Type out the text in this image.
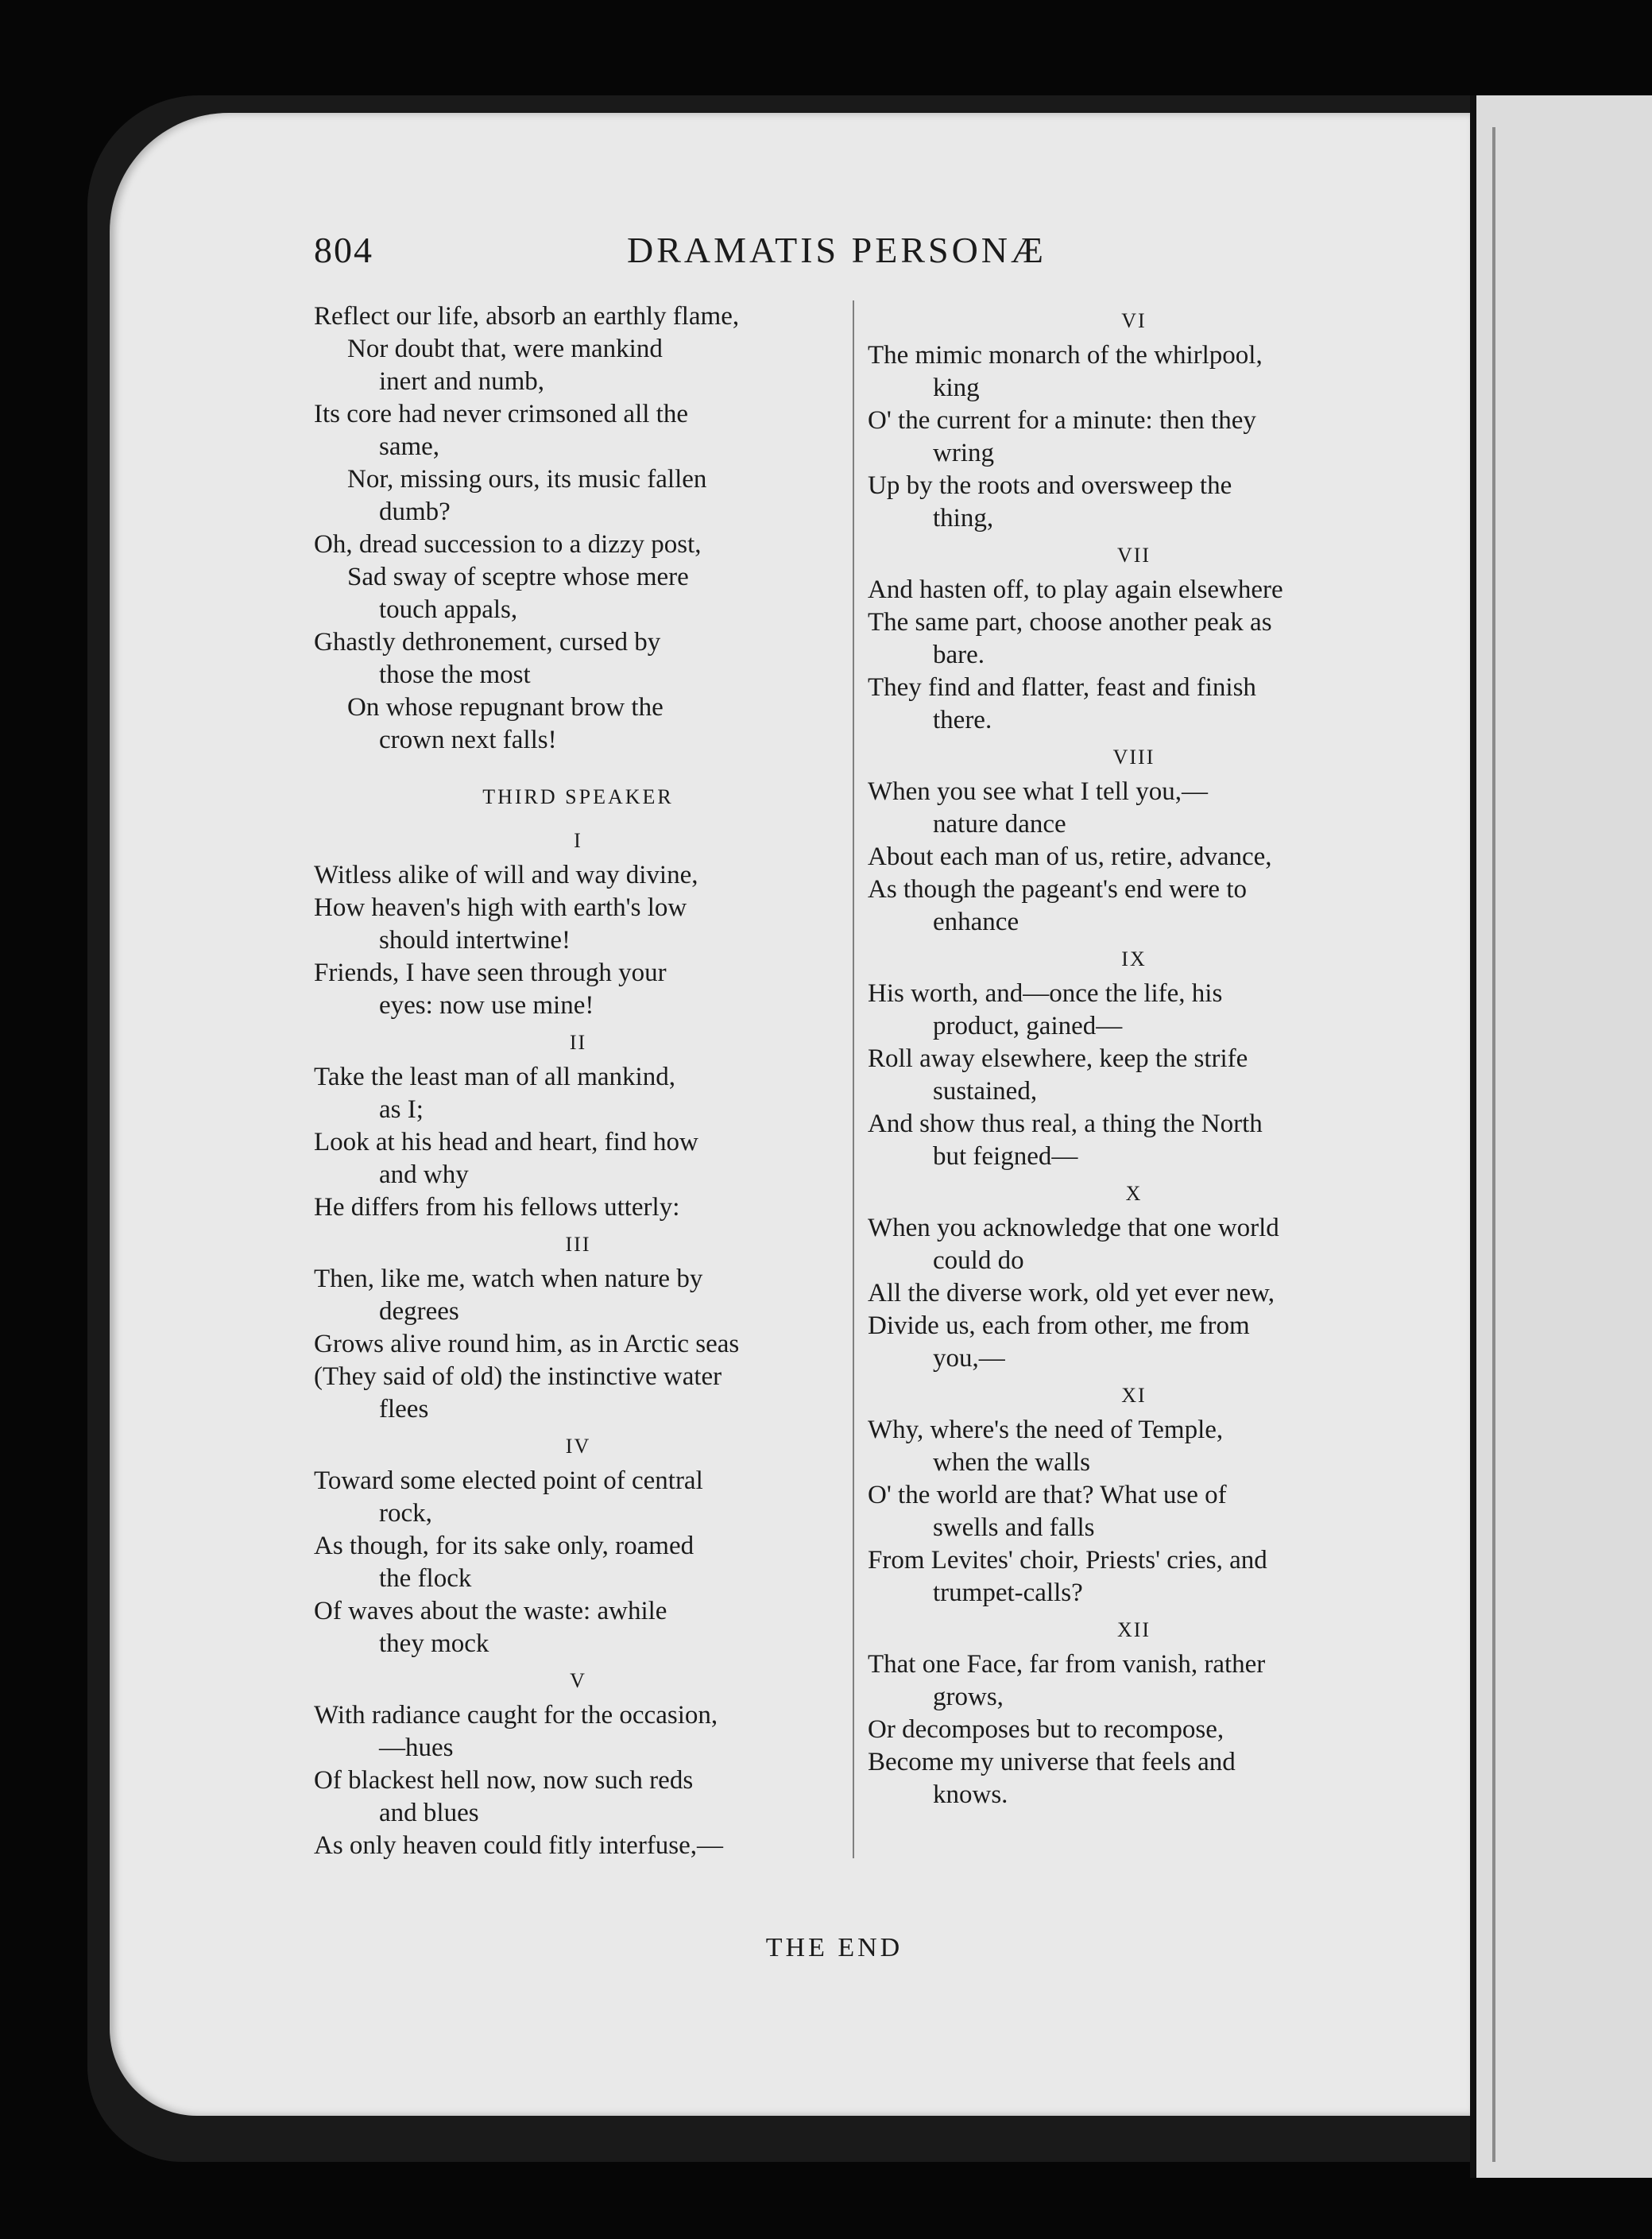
804	DRAMATIS PERSONÆ
Reflect our life, absorb an earthly flame,
Nor doubt that, were mankind
inert and numb,
Its core had never crimsoned all the
same,
Nor, missing ours, its music fallen
dumb?
Oh, dread succession to a dizzy post,
Sad sway of sceptre whose mere
touch appals,
Ghastly dethronement, cursed by
those the most
On whose repugnant brow the
crown next falls!
THIRD SPEAKER
I
Witless alike of will and way divine,
How heaven's high with earth's low
should intertwine!
Friends, I have seen through your
eyes: now use mine!
II
Take the least man of all mankind,
as I;
Look at his head and heart, find how
and why
He differs from his fellows utterly:
III
Then, like me, watch when nature by
degrees
Grows alive round him, as in Arctic seas
(They said of old) the instinctive water
flees
IV
Toward some elected point of central
rock,
As though, for its sake only, roamed
the flock
Of waves about the waste: awhile
they mock
V
With radiance caught for the occasion,
—hues
Of blackest hell now, now such reds
and blues
As only heaven could fitly interfuse,—
VI
The mimic monarch of the whirlpool,
king
O' the current for a minute: then they
wring
Up by the roots and oversweep the
thing,
VII
And hasten off, to play again elsewhere
The same part, choose another peak as
bare.
They find and flatter, feast and finish
there.
VIII
When you see what I tell you,—
nature dance
About each man of us, retire, advance,
As though the pageant's end were to
enhance
IX
His worth, and—once the life, his
product, gained—
Roll away elsewhere, keep the strife
sustained,
And show thus real, a thing the North
but feigned—
X
When you acknowledge that one world
could do
All the diverse work, old yet ever new,
Divide us, each from other, me from
you,—
XI
Why, where's the need of Temple,
when the walls
O' the world are that? What use of
swells and falls
From Levites' choir, Priests' cries, and
trumpet-calls?
XII
That one Face, far from vanish, rather
grows,
Or decomposes but to recompose,
Become my universe that feels and
knows.
THE END
